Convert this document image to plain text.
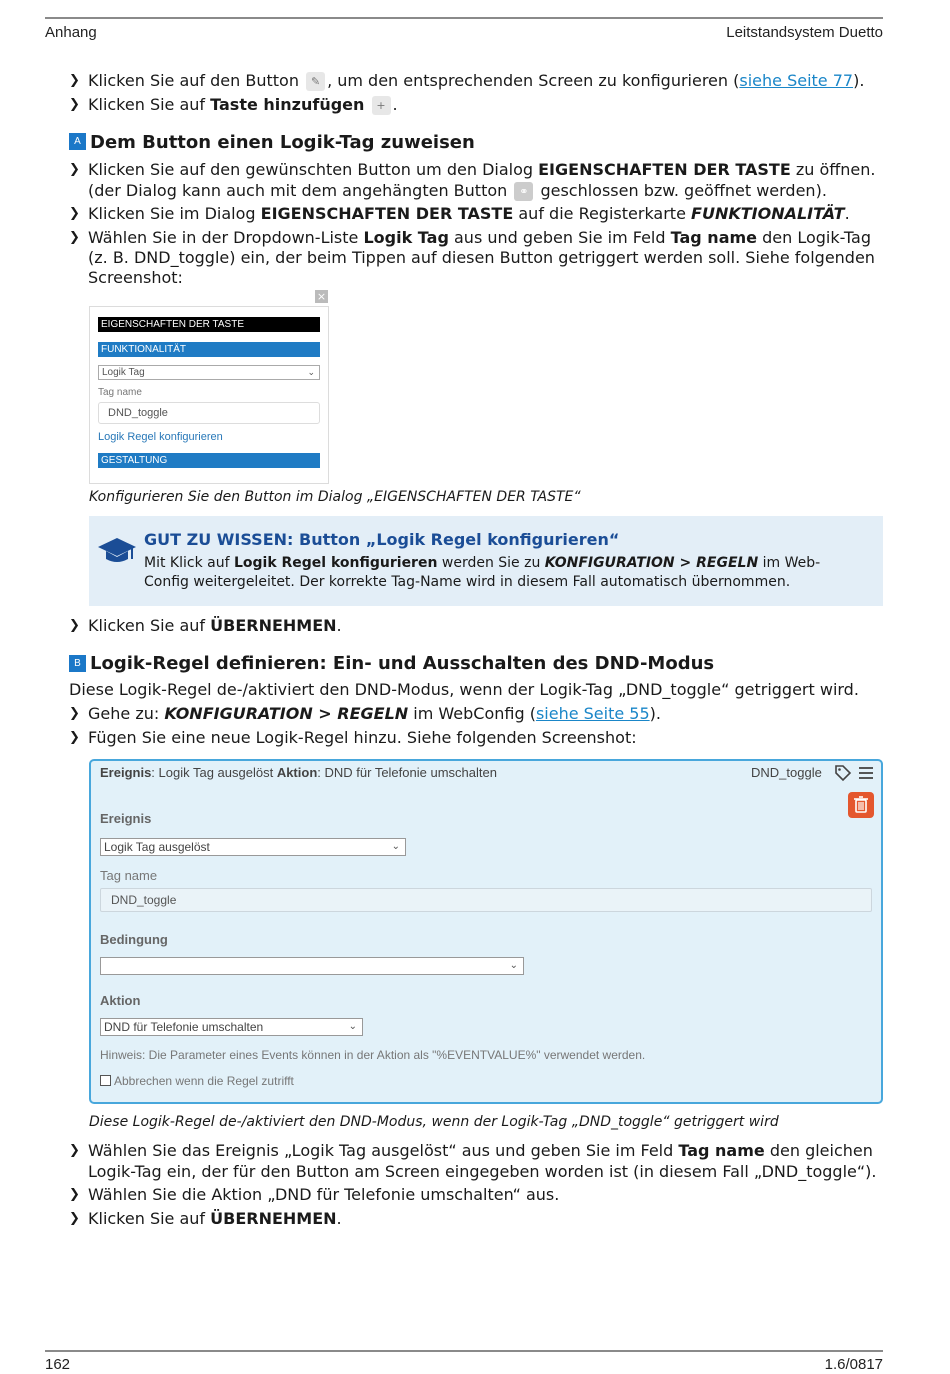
Anhang	Leitstandsystem Duetto
❯ Klicken Sie auf den Button ✎ , um den entsprechenden Screen zu konfigurieren (siehe Seite 77).
❯ Klicken Sie auf Taste hinzufügen + .
A Dem Button einen Logik-Tag zuweisen
❯ Klicken Sie auf den gewünschten Button um den Dialog EIGENSCHAFTEN DER TASTE zu öffnen.
(der Dialog kann auch mit dem angehängten Button ⚭ geschlossen bzw. geöffnet werden).
❯ Klicken Sie im Dialog EIGENSCHAFTEN DER TASTE auf die Registerkarte FUNKTIONALITÄT.
❯ Wählen Sie in der Dropdown-Liste Logik Tag aus und geben Sie im Feld Tag name den Logik-Tag
(z. B. DND_toggle) ein, der beim Tippen auf diesen Button getriggert werden soll. Siehe folgenden
Screenshot:
×
EIGENSCHAFTEN DER TASTE
FUNKTIONALITÄT
Logik Tag	⌄
Tag name
DND_toggle
Logik Regel konfigurieren
GESTALTUNG
Konfigurieren Sie den Button im Dialog „EIGENSCHAFTEN DER TASTE“
GUT ZU WISSEN: Button „Logik Regel konfigurieren“
Mit Klick auf Logik Regel konfigurieren werden Sie zu KONFIGURATION > REGELN im Web-
Config weitergeleitet. Der korrekte Tag-Name wird in diesem Fall automatisch übernommen.
❯ Klicken Sie auf ÜBERNEHMEN.
B Logik-Regel definieren: Ein- und Ausschalten des DND-Modus
Diese Logik-Regel de-/aktiviert den DND-Modus, wenn der Logik-Tag „DND_toggle“ getriggert wird.
❯ Gehe zu: KONFIGURATION > REGELN im WebConfig (siehe Seite 55).
❯ Fügen Sie eine neue Logik-Regel hinzu. Siehe folgenden Screenshot:
Ereignis: Logik Tag ausgelöst Aktion: DND für Telefonie umschalten	DND_toggle
Ereignis
Logik Tag ausgelöst	⌄
Tag name
DND_toggle
Bedingung
⌄
Aktion
DND für Telefonie umschalten	⌄
Hinweis: Die Parameter eines Events können in der Aktion als "%EVENTVALUE%" verwendet werden.
Abbrechen wenn die Regel zutrifft
Diese Logik-Regel de-/aktiviert den DND-Modus, wenn der Logik-Tag „DND_toggle“ getriggert wird
❯ Wählen Sie das Ereignis „Logik Tag ausgelöst“ aus und geben Sie im Feld Tag name den gleichen
Logik-Tag ein, der für den Button am Screen eingegeben worden ist (in diesem Fall „DND_toggle“).
❯ Wählen Sie die Aktion „DND für Telefonie umschalten“ aus.
❯ Klicken Sie auf ÜBERNEHMEN.
162	1.6/0817
